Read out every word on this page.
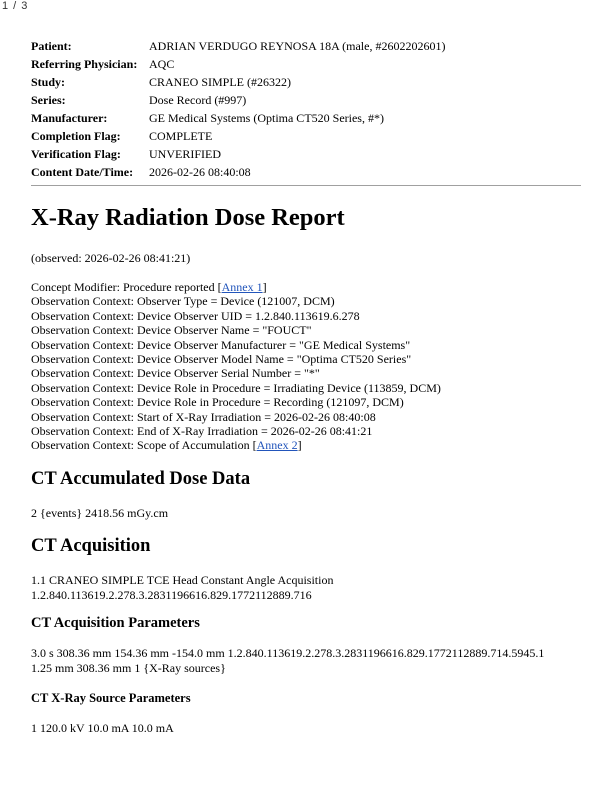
1 / 3
Patient:	ADRIAN VERDUGO REYNOSA 18A (male, #2602202601)
Referring Physician:	AQC
Study:	CRANEO SIMPLE (#26322)
Series:	Dose Record (#997)
Manufacturer:	GE Medical Systems (Optima CT520 Series, #*)
Completion Flag:	COMPLETE
Verification Flag:	UNVERIFIED
Content Date/Time:	2026-02-26 08:40:08
X-Ray Radiation Dose Report
(observed: 2026-02-26 08:41:21)
Concept Modifier: Procedure reported [Annex 1]
Observation Context: Observer Type = Device (121007, DCM)
Observation Context: Device Observer UID = 1.2.840.113619.6.278
Observation Context: Device Observer Name = "FOUCT"
Observation Context: Device Observer Manufacturer = "GE Medical Systems"
Observation Context: Device Observer Model Name = "Optima CT520 Series"
Observation Context: Device Observer Serial Number = "*"
Observation Context: Device Role in Procedure = Irradiating Device (113859, DCM)
Observation Context: Device Role in Procedure = Recording (121097, DCM)
Observation Context: Start of X-Ray Irradiation = 2026-02-26 08:40:08
Observation Context: End of X-Ray Irradiation = 2026-02-26 08:41:21
Observation Context: Scope of Accumulation [Annex 2]
CT Accumulated Dose Data
2 {events} 2418.56 mGy.cm
CT Acquisition
1.1 CRANEO SIMPLE TCE Head Constant Angle Acquisition
1.2.840.113619.2.278.3.2831196616.829.1772112889.716
CT Acquisition Parameters
3.0 s 308.36 mm 154.36 mm -154.0 mm 1.2.840.113619.2.278.3.2831196616.829.1772112889.714.5945.1
1.25 mm 308.36 mm 1 {X-Ray sources}
CT X-Ray Source Parameters
1 120.0 kV 10.0 mA 10.0 mA
